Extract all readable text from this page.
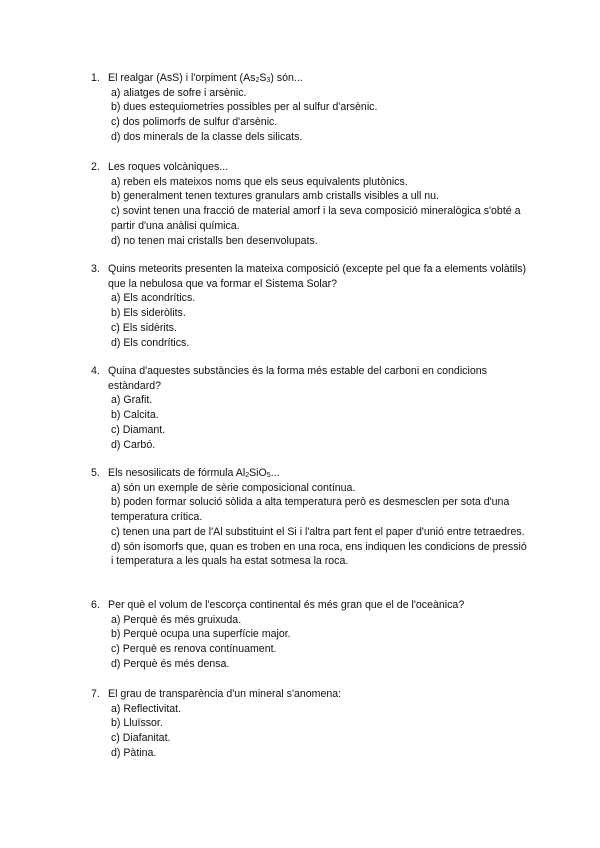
1. El realgar (AsS) i l'orpiment $(As_2S_3)$ són...
a) aliatges de sofre i arsènic.
b) dues estequiometries possibles per al sulfur d'arsènic.
c) dos polimorfs de sulfur d'arsènic.
d) dos minerals de la classe dels silicats.
2. Les roques volcàniques...
a) reben els mateixos noms que els seus equivalents plutònics.
b) generalment tenen textures granulars amb cristalls visibles a ull nu.
c) sovint tenen una fracció de material amorf i la seva composició mineralògica s'obté a partir d'una anàlisi química.
d) no tenen mai cristalls ben desenvolupats.
3. Quins meteorits presenten la mateixa composició (excepte pel que fa a elements volàtils) que la nebulosa que va formar el Sistema Solar?
a) Els acondrítics.
b) Els sideròlits.
c) Els sidèrits.
d) Els condrítics.
4. Quina d'aquestes substàncies és la forma més estable del carboni en condicions estàndard?
a) Grafit.
b) Calcita.
c) Diamant.
d) Carbó.
5. Els nesosilicats de fórmula $Al_2SiO_5$...
a) són un exemple de sèrie composicional contínua.
b) poden formar solució sòlida a alta temperatura però es desmesclen per sota d'una temperatura crítica.
c) tenen una part de l'Al substituint el Si i l'altra part fent el paper d'unió entre tetraedres.
d) són isomorfs que, quan es troben en una roca, ens indiquen les condicions de pressió i temperatura a les quals ha estat sotmesa la roca.
6. Per què el volum de l'escorça continental és més gran que el de l'oceànica?
a) Perquè és més gruixuda.
b) Perquè ocupa una superfície major.
c) Perquè es renova contínuament.
d) Perquè és més densa.
7. El grau de transparència d'un mineral s'anomena:
a) Reflectivitat.
b) Lluïssor.
c) Diafanitat.
d) Pàtina.
